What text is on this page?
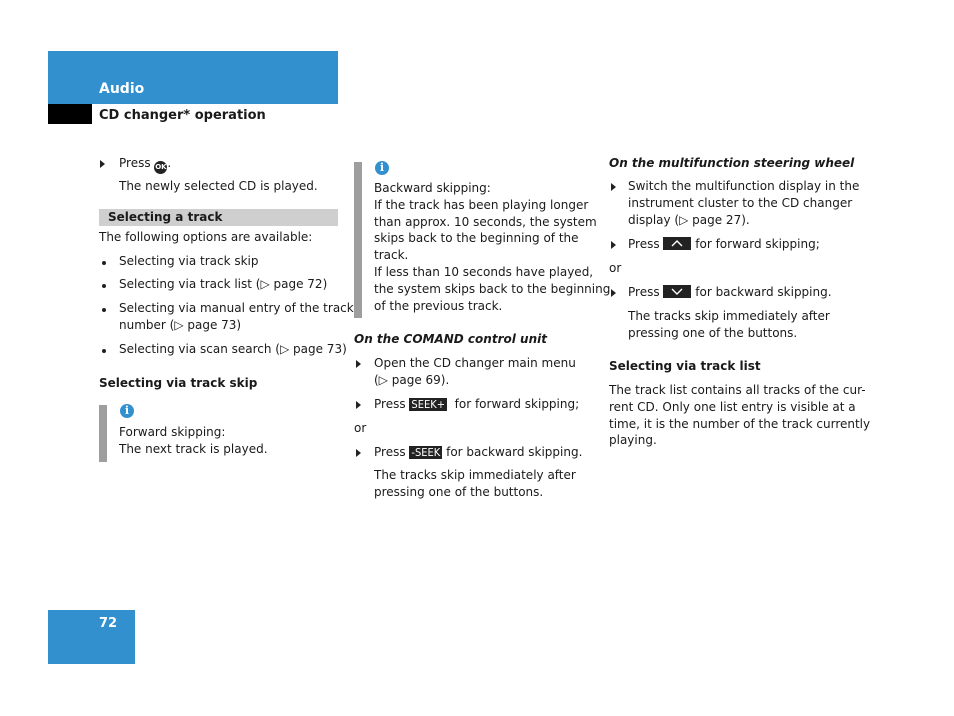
Audio
CD changer* operation
Press OK.
The newly selected CD is played.
Selecting a track
The following options are available:
Selecting via track skip
Selecting via track list (▷ page 72)
Selecting via manual entry of the track
number (▷ page 73)
Selecting via scan search (▷ page 73)
Selecting via track skip
i
Forward skipping:
The next track is played.
i
Backward skipping:
If the track has been playing longer
than approx. 10 seconds, the system
skips back to the beginning of the
track.
If less than 10 seconds have played,
the system skips back to the beginning
of the previous track.
On the COMAND control unit
Open the CD changer main menu
(▷ page 69).
Press SEEK+ for forward skipping;
or
Press -SEEK for backward skipping.
The tracks skip immediately after
pressing one of the buttons.
On the multifunction steering wheel
Switch the multifunction display in the
instrument cluster to the CD changer
display (▷ page 27).
Press	for forward skipping;
or
Press	for backward skipping.
The tracks skip immediately after
pressing one of the buttons.
Selecting via track list
The track list contains all tracks of the cur-
rent CD. Only one list entry is visible at a
time, it is the number of the track currently
playing.
72
